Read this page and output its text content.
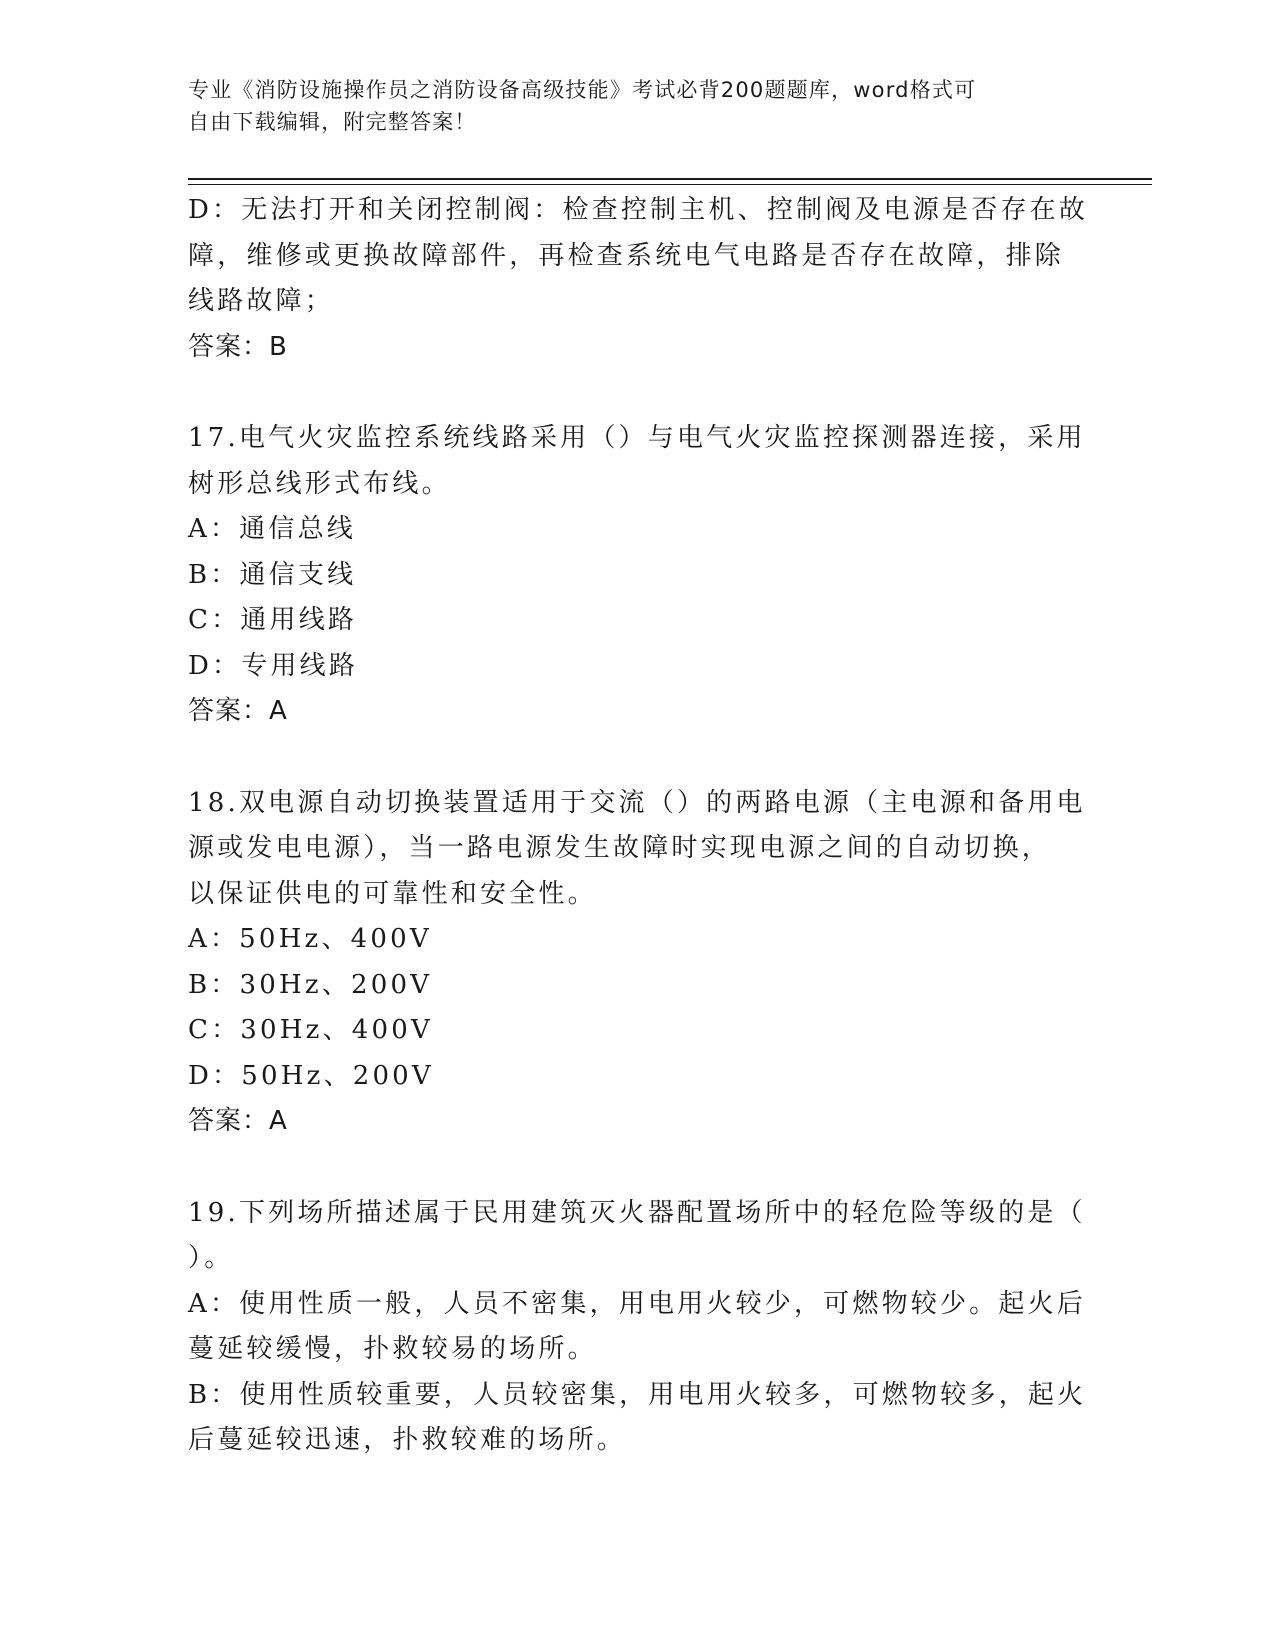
专业《消防设施操作员之消防设备高级技能》考试必背200题题库，word格式可
自由下载编辑，附完整答案！
D：无法打开和关闭控制阀：检查控制主机、控制阀及电源是否存在故
障，维修或更换故障部件，再检查系统电气电路是否存在故障，排除
线路故障；
答案：B
17.电气火灾监控系统线路采用（）与电气火灾监控探测器连接，采用
树形总线形式布线。
A：通信总线
B：通信支线
C：通用线路
D：专用线路
答案：A
18.双电源自动切换装置适用于交流（）的两路电源（主电源和备用电
源或发电电源），当一路电源发生故障时实现电源之间的自动切换，
以保证供电的可靠性和安全性。
A：50Hz、400V
B：30Hz、200V
C：30Hz、400V
D：50Hz、200V
答案：A
19.下列场所描述属于民用建筑灭火器配置场所中的轻危险等级的是（
）。
A：使用性质一般，人员不密集，用电用火较少，可燃物较少。起火后
蔓延较缓慢，扑救较易的场所。
B：使用性质较重要，人员较密集，用电用火较多，可燃物较多，起火
后蔓延较迅速，扑救较难的场所。
